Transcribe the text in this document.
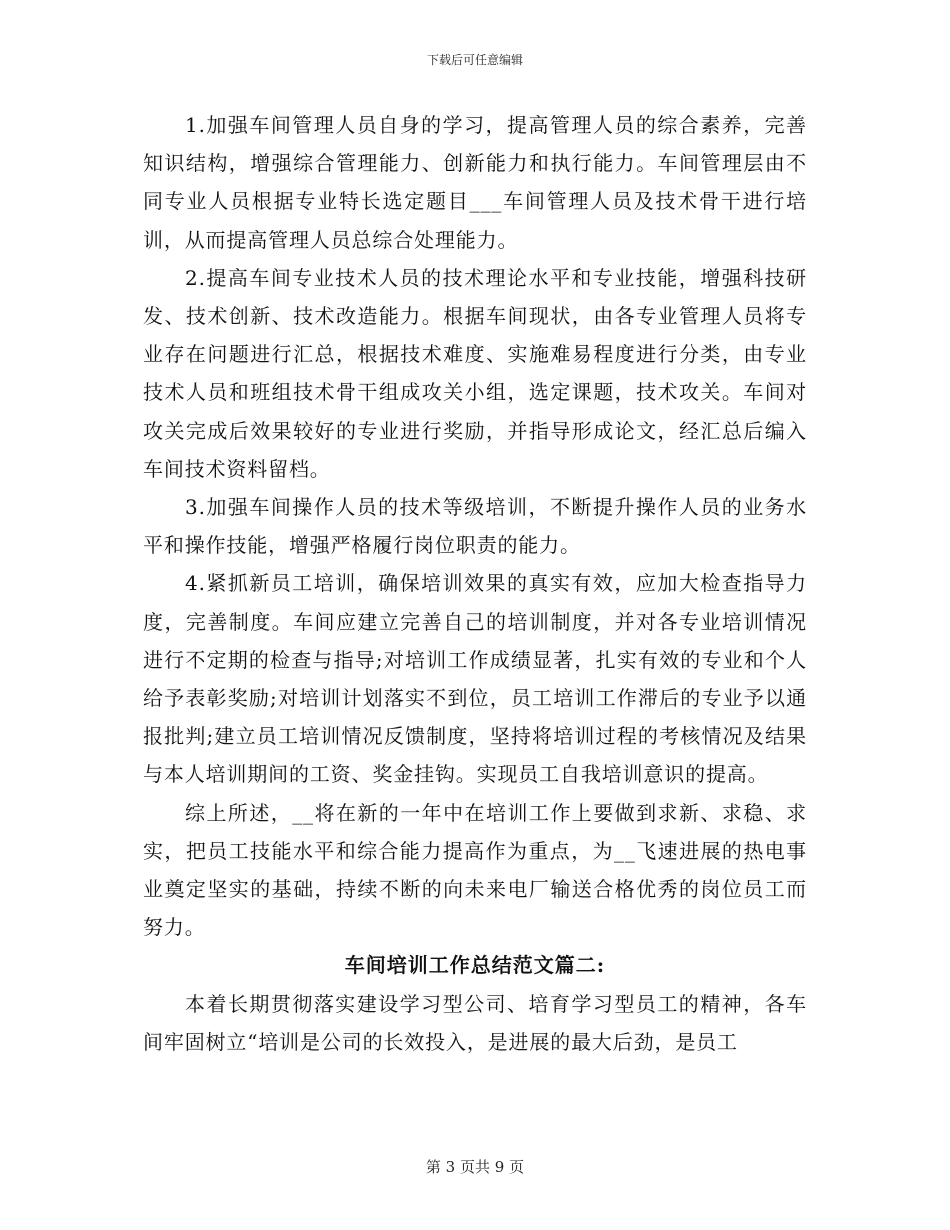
下载后可任意编辑

1.加强车间管理人员自身的学习，提高管理人员的综合素养，完善知识结构，增强综合管理能力、创新能力和执行能力。车间管理层由不同专业人员根据专业特长选定题目___车间管理人员及技术骨干进行培训，从而提高管理人员总综合处理能力。

2.提高车间专业技术人员的技术理论水平和专业技能，增强科技研发、技术创新、技术改造能力。根据车间现状，由各专业管理人员将专业存在问题进行汇总，根据技术难度、实施难易程度进行分类，由专业技术人员和班组技术骨干组成攻关小组，选定课题，技术攻关。车间对攻关完成后效果较好的专业进行奖励，并指导形成论文，经汇总后编入车间技术资料留档。

3.加强车间操作人员的技术等级培训，不断提升操作人员的业务水平和操作技能，增强严格履行岗位职责的能力。

4.紧抓新员工培训，确保培训效果的真实有效，应加大检查指导力度，完善制度。车间应建立完善自己的培训制度，并对各专业培训情况进行不定期的检查与指导;对培训工作成绩显著，扎实有效的专业和个人给予表彰奖励;对培训计划落实不到位，员工培训工作滞后的专业予以通报批判;建立员工培训情况反馈制度，坚持将培训过程的考核情况及结果与本人培训期间的工资、奖金挂钩。实现员工自我培训意识的提高。

综上所述，__将在新的一年中在培训工作上要做到求新、求稳、求实，把员工技能水平和综合能力提高作为重点，为__飞速进展的热电事业奠定坚实的基础，持续不断的向未来电厂输送合格优秀的岗位员工而努力。

车间培训工作总结范文篇二:

本着长期贯彻落实建设学习型公司、培育学习型员工的精神，各车间牢固树立“培训是公司的长效投入，是进展的最大后劲，是员工

第 3 页共 9 页
